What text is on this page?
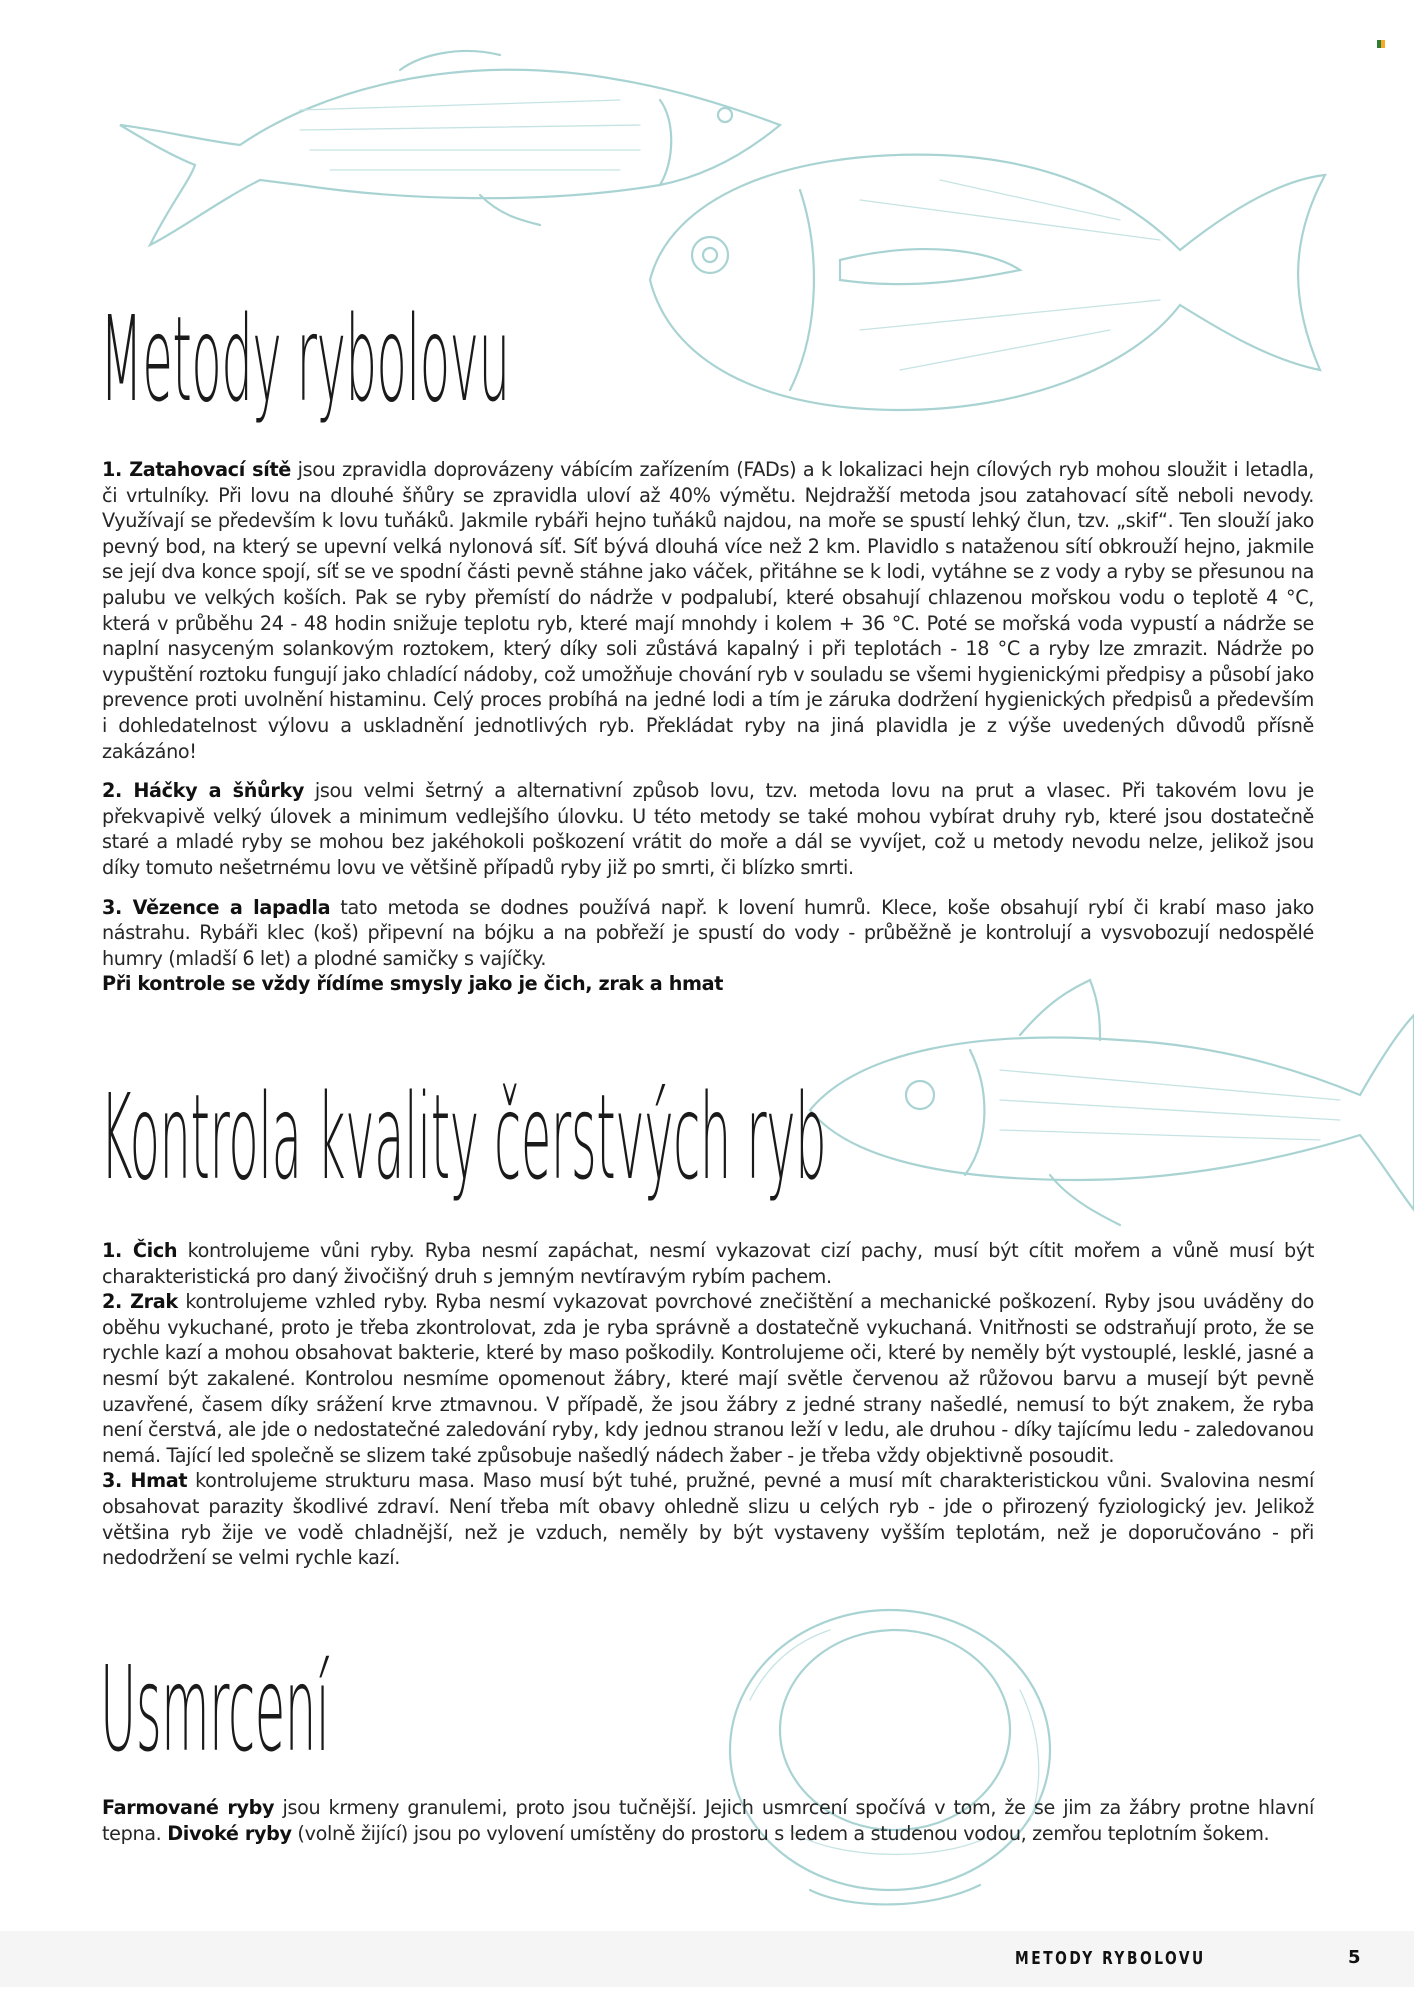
Metody rybolovu

1. Zatahovací sítě jsou zpravidla doprovázeny vábícím zařízením (FADs) a k lokalizaci hejn cílových ryb mohou sloužit i letadla, či vrtulníky. Při lovu na dlouhé šňůry se zpravidla uloví až 40% výmětu. Nejdražší metoda jsou zatahovací sítě neboli nevody. Využívají se především k lovu tuňáků. Jakmile rybáři hejno tuňáků najdou, na moře se spustí lehký člun, tzv. „skif“. Ten slouží jako pevný bod, na který se upevní velká nylonová síť. Síť bývá dlouhá více než 2 km. Plavidlo s nataženou sítí obkrouží hejno, jakmile se její dva konce spojí, síť se ve spodní části pevně stáhne jako váček, přitáhne se k lodi, vytáhne se z vody a ryby se přesunou na palubu ve velkých koších. Pak se ryby přemístí do nádrže v podpalubí, které obsahují chlazenou mořskou vodu o teplotě 4 °C, která v průběhu 24 - 48 hodin snižuje teplotu ryb, které mají mnohdy i kolem + 36 °C. Poté se mořská voda vypustí a nádrže se naplní nasyceným solankovým roztokem, který díky soli zůstává kapalný i při teplotách - 18 °C a ryby lze zmrazit. Nádrže po vypuštění roztoku fungují jako chladící nádoby, což umožňuje chování ryb v souladu se všemi hygienickými předpisy a působí jako prevence proti uvolnění histaminu. Celý proces probíhá na jedné lodi a tím je záruka dodržení hygienických předpisů a především i dohledatelnost výlovu a uskladnění jednotlivých ryb. Překládat ryby na jiná plavidla je z výše uvedených důvodů přísně zakázáno!

2. Háčky a šňůrky jsou velmi šetrný a alternativní způsob lovu, tzv. metoda lovu na prut a vlasec. Při takovém lovu je překvapivě velký úlovek a minimum vedlejšího úlovku. U této metody se také mohou vybírat druhy ryb, které jsou dostatečně staré a mladé ryby se mohou bez jakéhokoli poškození vrátit do moře a dál se vyvíjet, což u metody nevodu nelze, jelikož jsou díky tomuto nešetrnému lovu ve většině případů ryby již po smrti, či blízko smrti.

3. Vězence a lapadla tato metoda se dodnes používá např. k lovení humrů. Klece, koše obsahují rybí či krabí maso jako nástrahu. Rybáři klec (koš) připevní na bójku a na pobřeží je spustí do vody - průběžně je kontrolují a vysvobozují nedospělé humry (mladší 6 let) a plodné samičky s vajíčky.

Při kontrole se vždy řídíme smysly jako je čich, zrak a hmat

Kontrola kvality čerstvých ryb

1. Čich kontrolujeme vůni ryby. Ryba nesmí zapáchat, nesmí vykazovat cizí pachy, musí být cítit mořem a vůně musí být charakteristická pro daný živočišný druh s jemným nevtíravým rybím pachem.

2. Zrak kontrolujeme vzhled ryby. Ryba nesmí vykazovat povrchové znečištění a mechanické poškození. Ryby jsou uváděny do oběhu vykuchané, proto je třeba zkontrolovat, zda je ryba správně a dostatečně vykuchaná. Vnitřnosti se odstraňují proto, že se rychle kazí a mohou obsahovat bakterie, které by maso poškodily. Kontrolujeme oči, které by neměly být vystouplé, lesklé, jasné a nesmí být zakalené. Kontrolou nesmíme opomenout žábry, které mají světle červenou až růžovou barvu a musejí být pevně uzavřené, časem díky srážení krve ztmavnou. V případě, že jsou žábry z jedné strany našedlé, nemusí to být znakem, že ryba není čerstvá, ale jde o nedostatečné zaledování ryby, kdy jednou stranou leží v ledu, ale druhou - díky tajícímu ledu - zaledovanou nemá. Tající led společně se slizem také způsobuje našedlý nádech žaber - je třeba vždy objektivně posoudit.

3. Hmat kontrolujeme strukturu masa. Maso musí být tuhé, pružné, pevné a musí mít charakteristickou vůni. Svalovina nesmí obsahovat parazity škodlivé zdraví. Není třeba mít obavy ohledně slizu u celých ryb - jde o přirozený fyziologický jev. Jelikož většina ryb žije ve vodě chladnější, než je vzduch, neměly by být vystaveny vyšším teplotám, než je doporučováno - při nedodržení se velmi rychle kazí.

Usmrcení

Farmované ryby jsou krmeny granulemi, proto jsou tučnější. Jejich usmrcení spočívá v tom, že se jim za žábry protne hlavní tepna. Divoké ryby (volně žijící) jsou po vylovení umístěny do prostoru s ledem a studenou vodou, zemřou teplotním šokem.

METODY RYBOLOVU	5
